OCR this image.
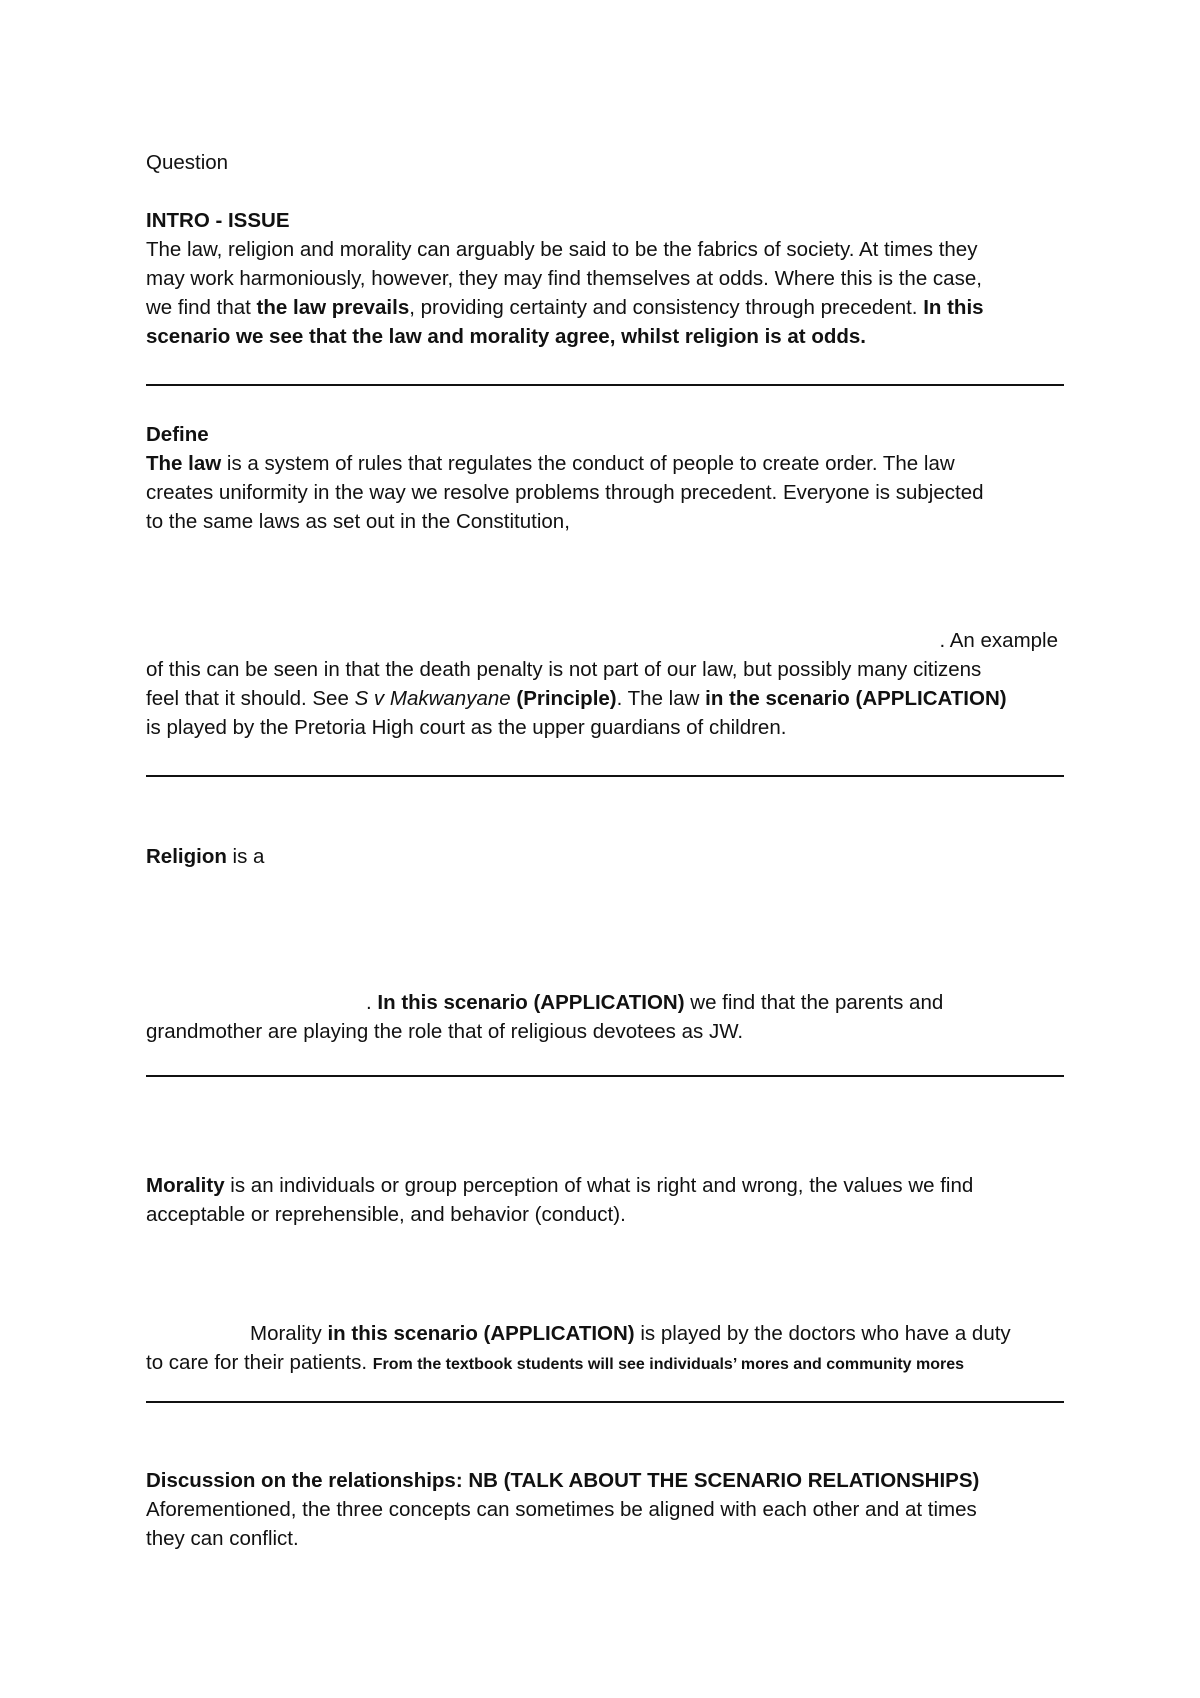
Question

INTRO - ISSUE
The law, religion and morality can arguably be said to be the fabrics of society. At times they
may work harmoniously, however, they may find themselves at odds. Where this is the case,
we find that the law prevails, providing certainty and consistency through precedent. In this
scenario we see that the law and morality agree, whilst religion is at odds.
Define
The law is a system of rules that regulates the conduct of people to create order. The law
creates uniformity in the way we resolve problems through precedent. Everyone is subjected
to the same laws as set out in the Constitution,
. An example
of this can be seen in that the death penalty is not part of our law, but possibly many citizens
feel that it should. See S v Makwanyane (Principle). The law in the scenario (APPLICATION)
is played by the Pretoria High court as the upper guardians of children.
Religion is a
. In this scenario (APPLICATION) we find that the parents and
grandmother are playing the role that of religious devotees as JW.
Morality is an individuals or group perception of what is right and wrong, the values we find
acceptable or reprehensible, and behavior (conduct).
Morality in this scenario (APPLICATION) is played by the doctors who have a duty
to care for their patients. From the textbook students will see individuals’ mores and community mores
Discussion on the relationships: NB (TALK ABOUT THE SCENARIO RELATIONSHIPS)
Aforementioned, the three concepts can sometimes be aligned with each other and at times
they can conflict.
